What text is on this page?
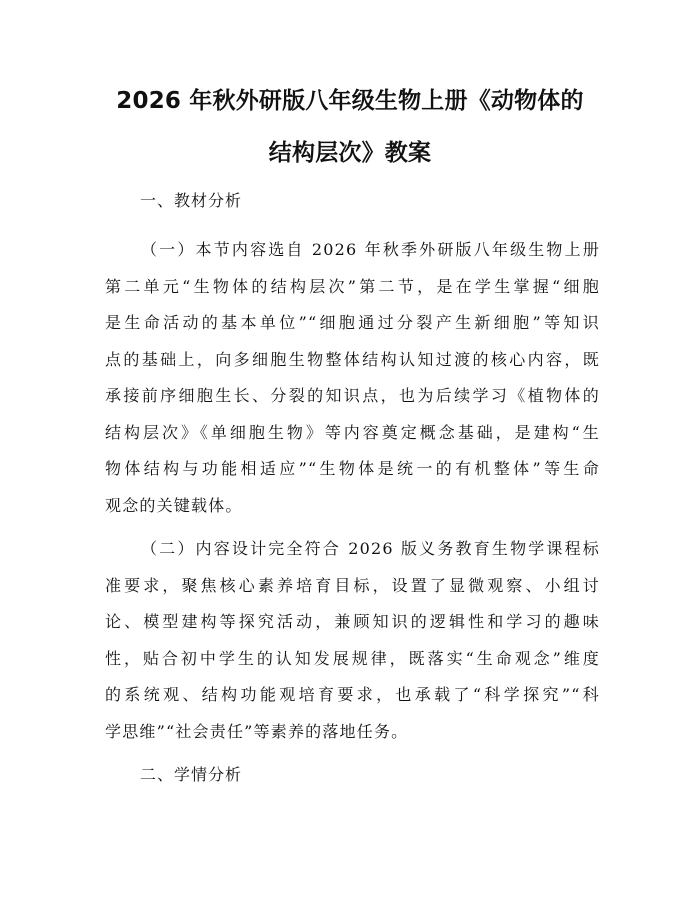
2026 年秋外研版八年级生物上册《动物体的
结构层次》教案
一、教材分析
（一）本节内容选自 2026 年秋季外研版八年级生物上册
第二单元“生物体的结构层次”第二节，是在学生掌握“细胞
是生命活动的基本单位”“细胞通过分裂产生新细胞”等知识
点的基础上，向多细胞生物整体结构认知过渡的核心内容，既
承接前序细胞生长、分裂的知识点，也为后续学习《植物体的
结构层次》《单细胞生物》等内容奠定概念基础，是建构“生
物体结构与功能相适应”“生物体是统一的有机整体”等生命
观念的关键载体。
（二）内容设计完全符合 2026 版义务教育生物学课程标
准要求，聚焦核心素养培育目标，设置了显微观察、小组讨
论、模型建构等探究活动，兼顾知识的逻辑性和学习的趣味
性，贴合初中学生的认知发展规律，既落实“生命观念”维度
的系统观、结构功能观培育要求，也承载了“科学探究”“科
学思维”“社会责任”等素养的落地任务。
二、学情分析
